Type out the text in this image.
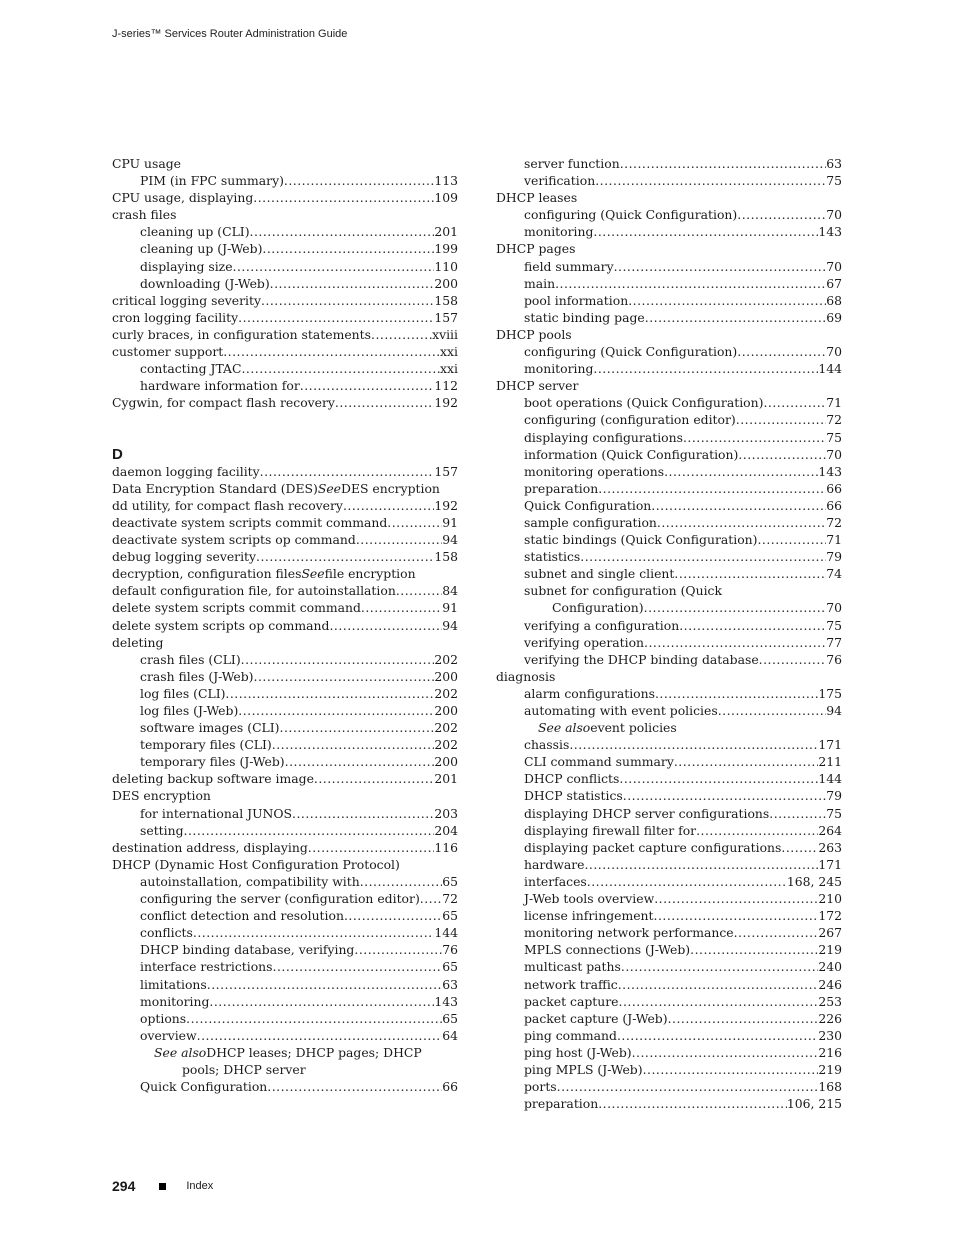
J-series™ Services Router Administration Guide
CPU usage
PIM (in FPC summary) .....	113
CPU usage, displaying .....	109
crash files
cleaning up (CLI) .....	201
cleaning up (J-Web) .....	199
displaying size .....	110
downloading (J-Web) .....	200
critical logging severity .....	158
cron logging facility .....	157
curly braces, in configuration statements .....	xviii
customer support .....	xxi
contacting JTAC .....	xxi
hardware information for .....	112
Cygwin, for compact flash recovery .....	192
D
daemon logging facility .....	157
Data Encryption Standard (DES) See DES encryption
dd utility, for compact flash recovery .....	192
deactivate system scripts commit command .....	91
deactivate system scripts op command .....	94
debug logging severity .....	158
decryption, configuration files See file encryption
default configuration file, for autoinstallation .....	84
delete system scripts commit command .....	91
delete system scripts op command .....	94
deleting
crash files (CLI) .....	202
crash files (J-Web) .....	200
log files (CLI) .....	202
log files (J-Web) .....	200
software images (CLI) .....	202
temporary files (CLI) .....	202
temporary files (J-Web) .....	200
deleting backup software image .....	201
DES encryption
for international JUNOS .....	203
setting .....	204
destination address, displaying .....	116
DHCP (Dynamic Host Configuration Protocol)
autoinstallation, compatibility with .....	65
configuring the server (configuration editor) ..... 72
conflict detection and resolution .....	65
conflicts .....	144
DHCP binding database, verifying .....	76
interface restrictions .....	65
limitations .....	63
monitoring .....	143
options .....	65
overview .....	64
See also DHCP leases; DHCP pages; DHCP
pools; DHCP server
Quick Configuration .....	66
server function .....	63
verification .....	75
DHCP leases
configuring (Quick Configuration) .....	70
monitoring .....	143
DHCP pages
field summary .....	70
main .....	67
pool information .....	68
static binding page .....	69
DHCP pools
configuring (Quick Configuration) .....	70
monitoring .....	144
DHCP server
boot operations (Quick Configuration) .....	71
configuring (configuration editor) .....	72
displaying configurations .....	75
information (Quick Configuration) .....	70
monitoring operations .....	143
preparation .....	66
Quick Configuration .....	66
sample configuration .....	72
static bindings (Quick Configuration) .....	71
statistics .....	79
subnet and single client .....	74
subnet for configuration (Quick
Configuration) .....	70
verifying a configuration .....	75
verifying operation .....	77
verifying the DHCP binding database .....	76
diagnosis
alarm configurations .....	175
automating with event policies .....	94
See also event policies
chassis .....	171
CLI command summary .....	211
DHCP conflicts .....	144
DHCP statistics .....	79
displaying DHCP server configurations .....	75
displaying firewall filter for .....	264
displaying packet capture configurations .....	263
hardware .....	171
interfaces .....	168, 245
J-Web tools overview .....	210
license infringement .....	172
monitoring network performance .....	267
MPLS connections (J-Web) .....	219
multicast paths .....	240
network traffic .....	246
packet capture .....	253
packet capture (J-Web) .....	226
ping command .....	230
ping host (J-Web) .....	216
ping MPLS (J-Web) .....	219
ports .....	168
preparation .....	106, 215
294	Index
